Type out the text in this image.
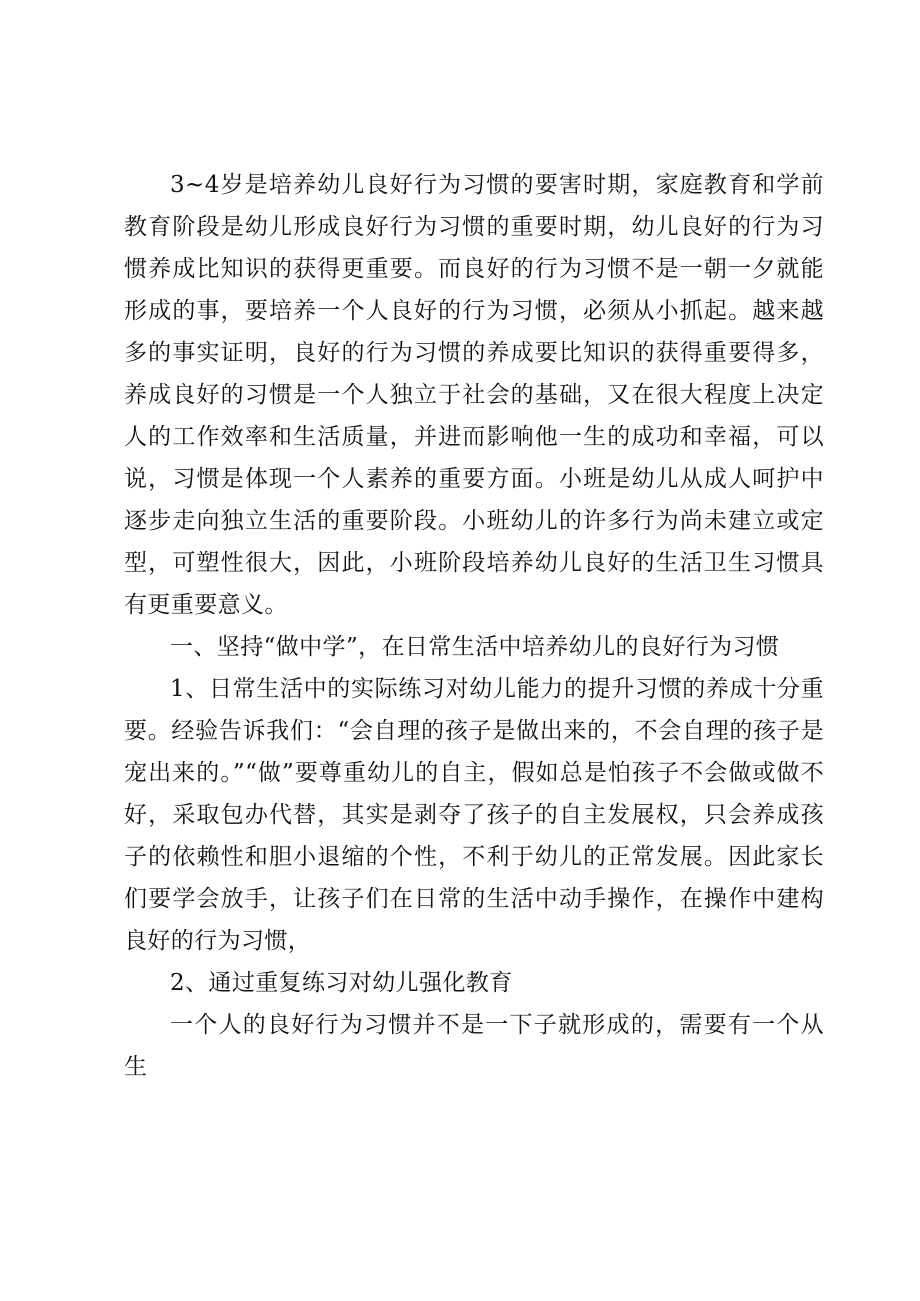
3~4岁是培养幼儿良好行为习惯的要害时期，家庭教育和学前教育阶段是幼儿形成良好行为习惯的重要时期，幼儿良好的行为习惯养成比知识的获得更重要。而良好的行为习惯不是一朝一夕就能形成的事，要培养一个人良好的行为习惯，必须从小抓起。越来越多的事实证明，良好的行为习惯的养成要比知识的获得重要得多，养成良好的习惯是一个人独立于社会的基础，又在很大程度上决定人的工作效率和生活质量，并进而影响他一生的成功和幸福，可以说，习惯是体现一个人素养的重要方面。小班是幼儿从成人呵护中逐步走向独立生活的重要阶段。小班幼儿的许多行为尚未建立或定型，可塑性很大，因此，小班阶段培养幼儿良好的生活卫生习惯具有更重要意义。

一、坚持“做中学”，在日常生活中培养幼儿的良好行为习惯

1、日常生活中的实际练习对幼儿能力的提升习惯的养成十分重要。经验告诉我们：“会自理的孩子是做出来的，不会自理的孩子是宠出来的。”“做”要尊重幼儿的自主，假如总是怕孩子不会做或做不好，采取包办代替，其实是剥夺了孩子的自主发展权，只会养成孩子的依赖性和胆小退缩的个性，不利于幼儿的正常发展。因此家长们要学会放手，让孩子们在日常的生活中动手操作，在操作中建构良好的行为习惯，

2、通过重复练习对幼儿强化教育

一个人的良好行为习惯并不是一下子就形成的，需要有一个从生
